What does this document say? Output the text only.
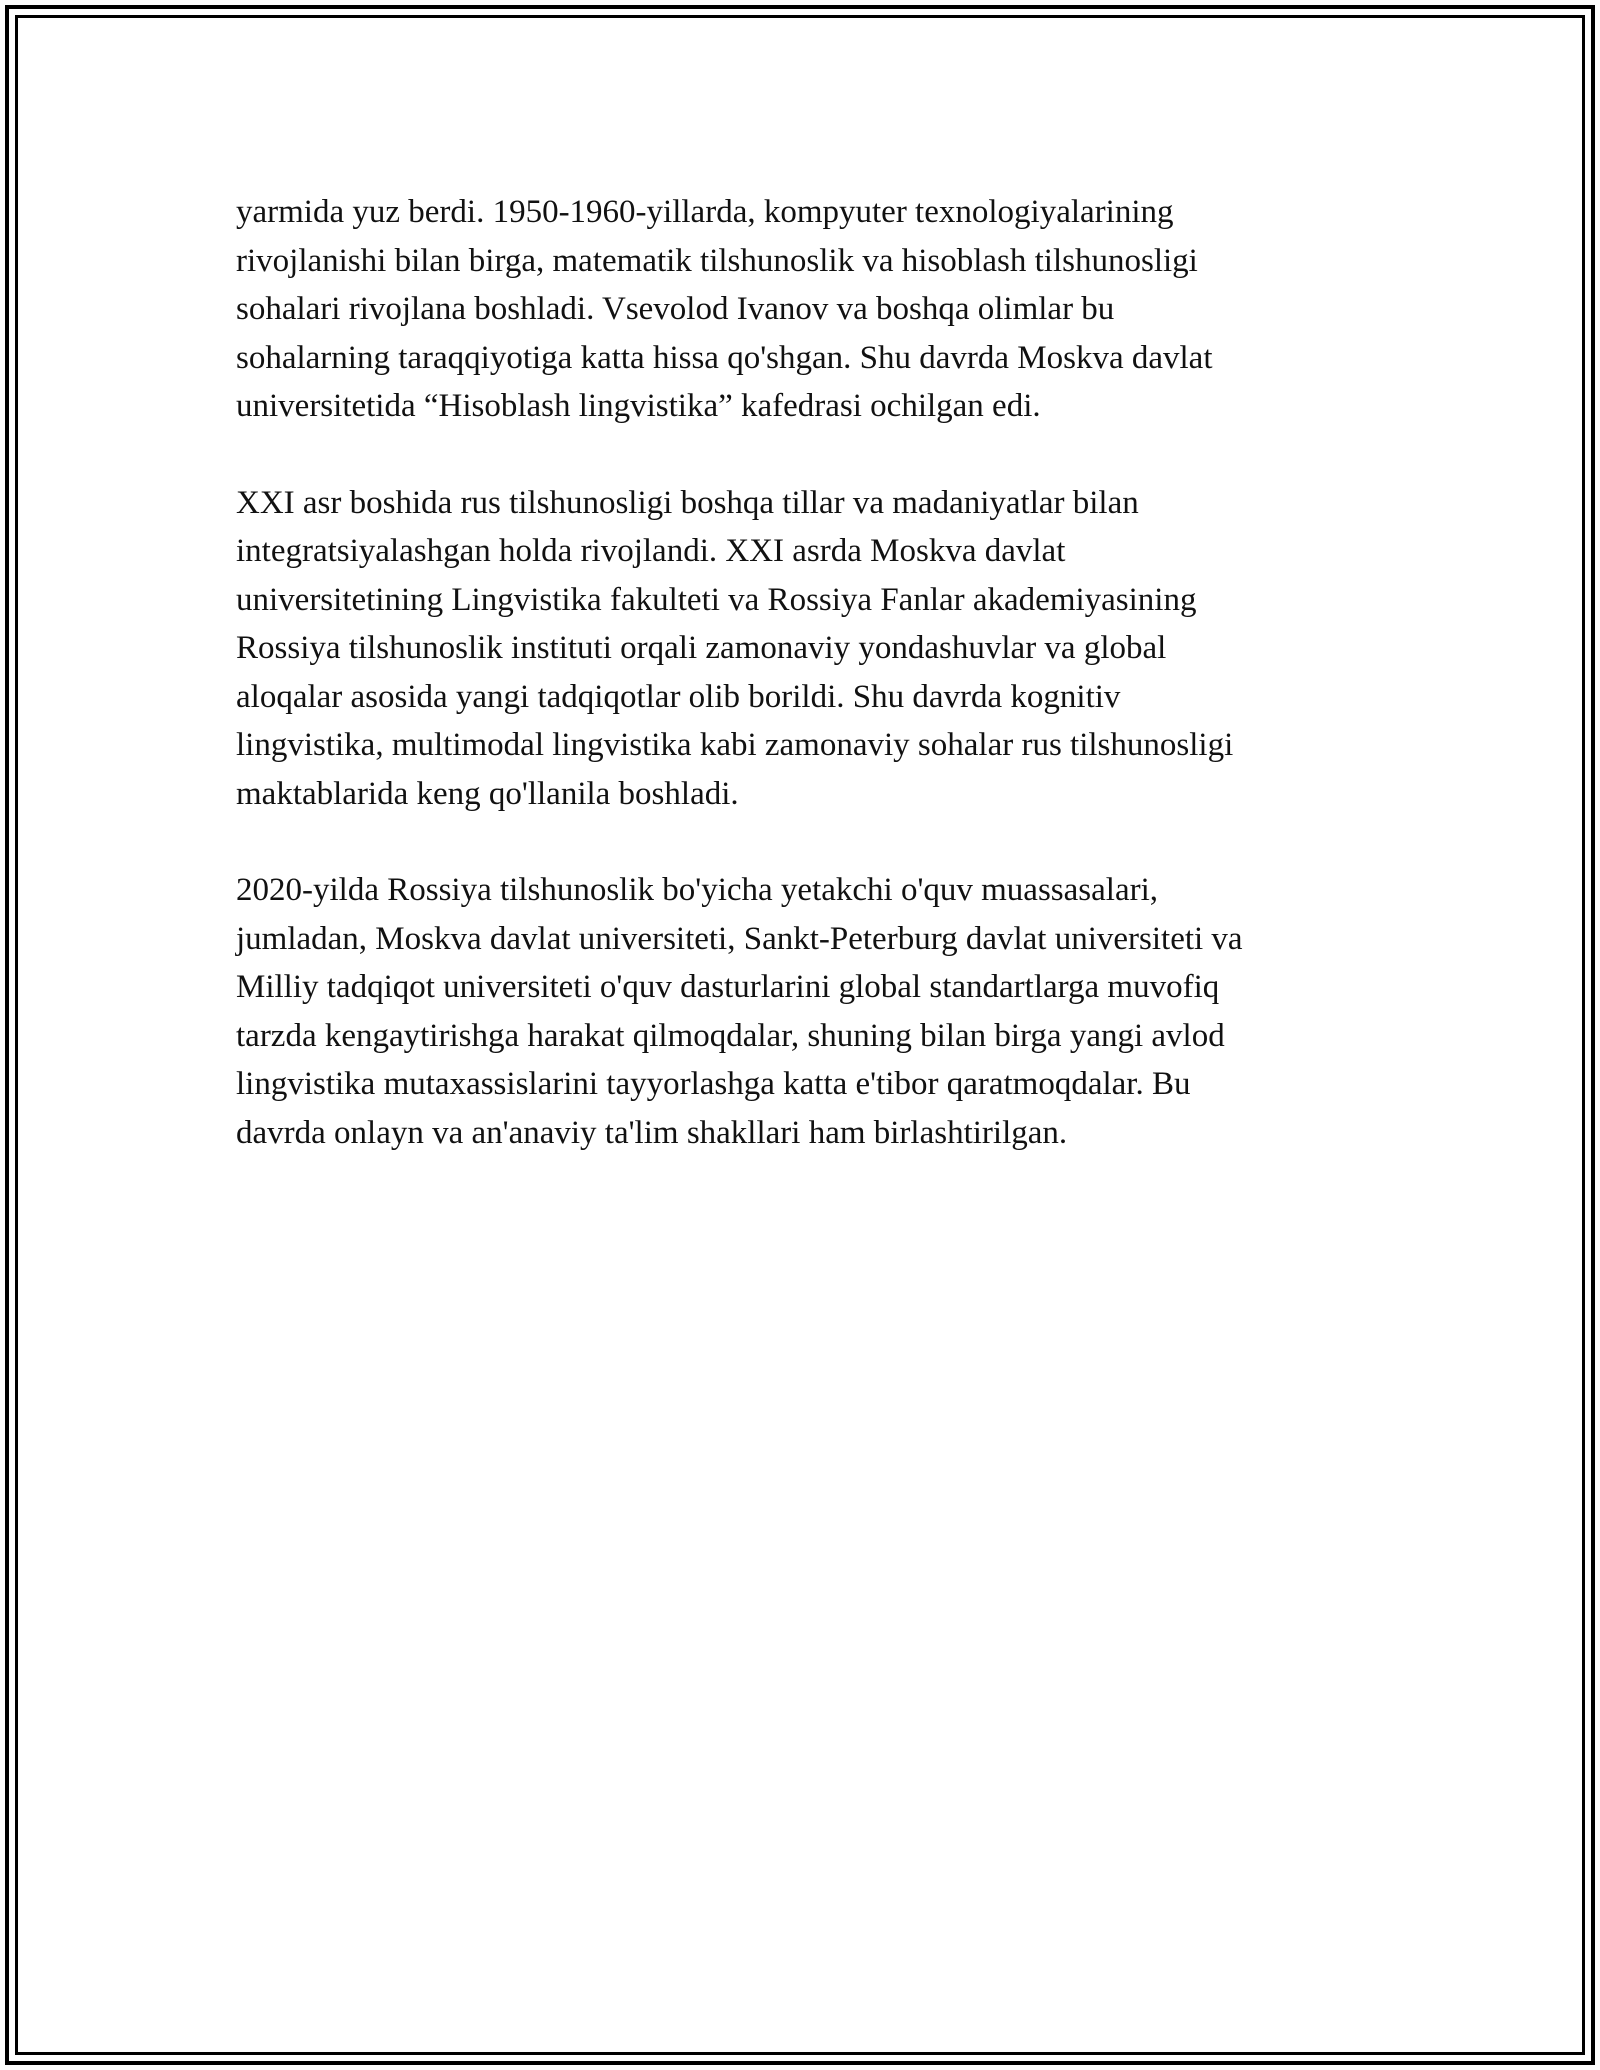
yarmida yuz berdi. 1950-1960-yillarda, kompyuter texnologiyalarining
rivojlanishi bilan birga, matematik tilshunoslik va hisoblash tilshunosligi
sohalari rivojlana boshladi. Vsevolod Ivanov va boshqa olimlar bu
sohalarning taraqqiyotiga katta hissa qo'shgan. Shu davrda Moskva davlat
universitetida “Hisoblash lingvistika” kafedrasi ochilgan edi.

XXI asr boshida rus tilshunosligi boshqa tillar va madaniyatlar bilan
integratsiyalashgan holda rivojlandi. XXI asrda Moskva davlat
universitetining Lingvistika fakulteti va Rossiya Fanlar akademiyasining
Rossiya tilshunoslik instituti orqali zamonaviy yondashuvlar va global
aloqalar asosida yangi tadqiqotlar olib borildi. Shu davrda kognitiv
lingvistika, multimodal lingvistika kabi zamonaviy sohalar rus tilshunosligi
maktablarida keng qo'llanila boshladi.

2020-yilda Rossiya tilshunoslik bo'yicha yetakchi o'quv muassasalari,
jumladan, Moskva davlat universiteti, Sankt-Peterburg davlat universiteti va
Milliy tadqiqot universiteti o'quv dasturlarini global standartlarga muvofiq
tarzda kengaytirishga harakat qilmoqdalar, shuning bilan birga yangi avlod
lingvistika mutaxassislarini tayyorlashga katta e'tibor qaratmoqdalar. Bu
davrda onlayn va an'anaviy ta'lim shakllari ham birlashtirilgan.
